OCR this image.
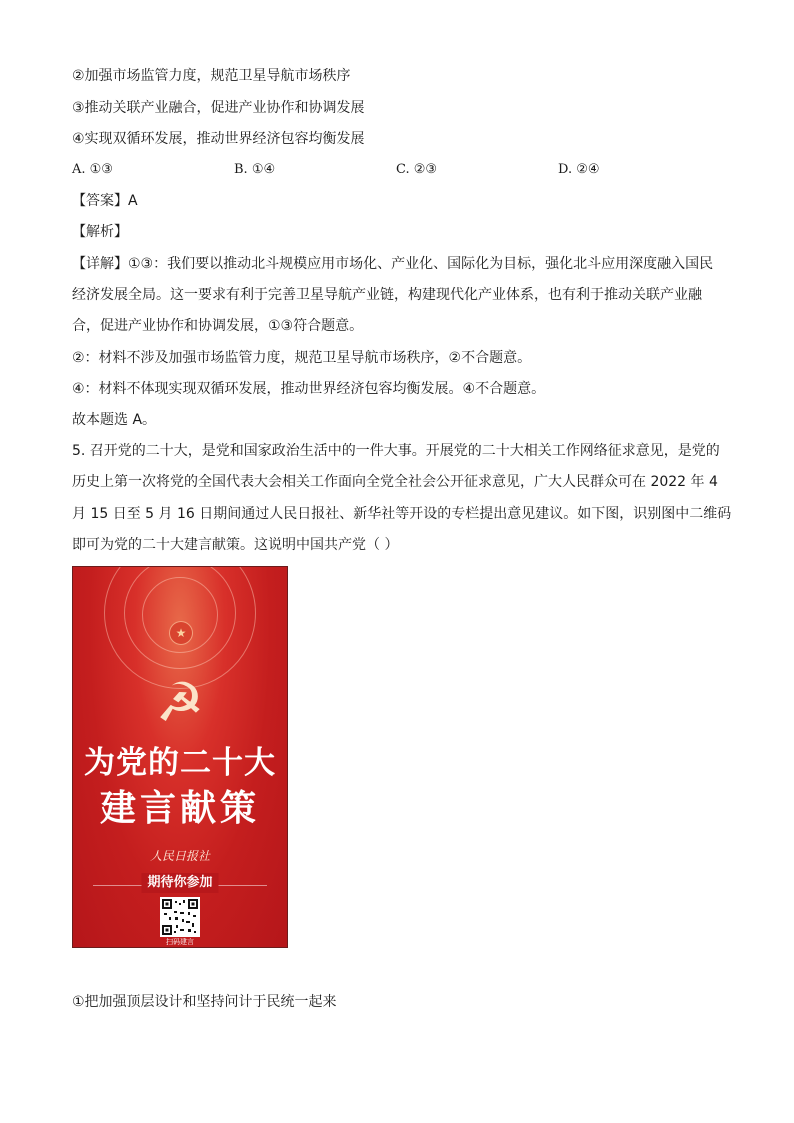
②加强市场监管力度，规范卫星导航市场秩序
③推动关联产业融合，促进产业协作和协调发展
④实现双循环发展，推动世界经济包容均衡发展
A. ①③	B. ①④	C. ②③	D. ②④
【答案】A
【解析】
【详解】①③：我们要以推动北斗规模应用市场化、产业化、国际化为目标，强化北斗应用深度融入国民
经济发展全局。这一要求有利于完善卫星导航产业链，构建现代化产业体系，也有利于推动关联产业融
合，促进产业协作和协调发展，①③符合题意。
②：材料不涉及加强市场监管力度，规范卫星导航市场秩序，②不合题意。
④：材料不体现实现双循环发展，推动世界经济包容均衡发展。④不合题意。
故本题选 A。
5. 召开党的二十大，是党和国家政治生活中的一件大事。开展党的二十大相关工作网络征求意见，是党的
历史上第一次将党的全国代表大会相关工作面向全党全社会公开征求意见，广大人民群众可在 2022 年 4
月 15 日至 5 月 16 日期间通过人民日报社、新华社等开设的专栏提出意见建议。如下图，识别图中二维码
即可为党的二十大建言献策。这说明中国共产党（ ）
★
☭
为党的二十大
建言献策
人民日报社
期待你参加
扫码建言
①把加强顶层设计和坚持问计于民统一起来
